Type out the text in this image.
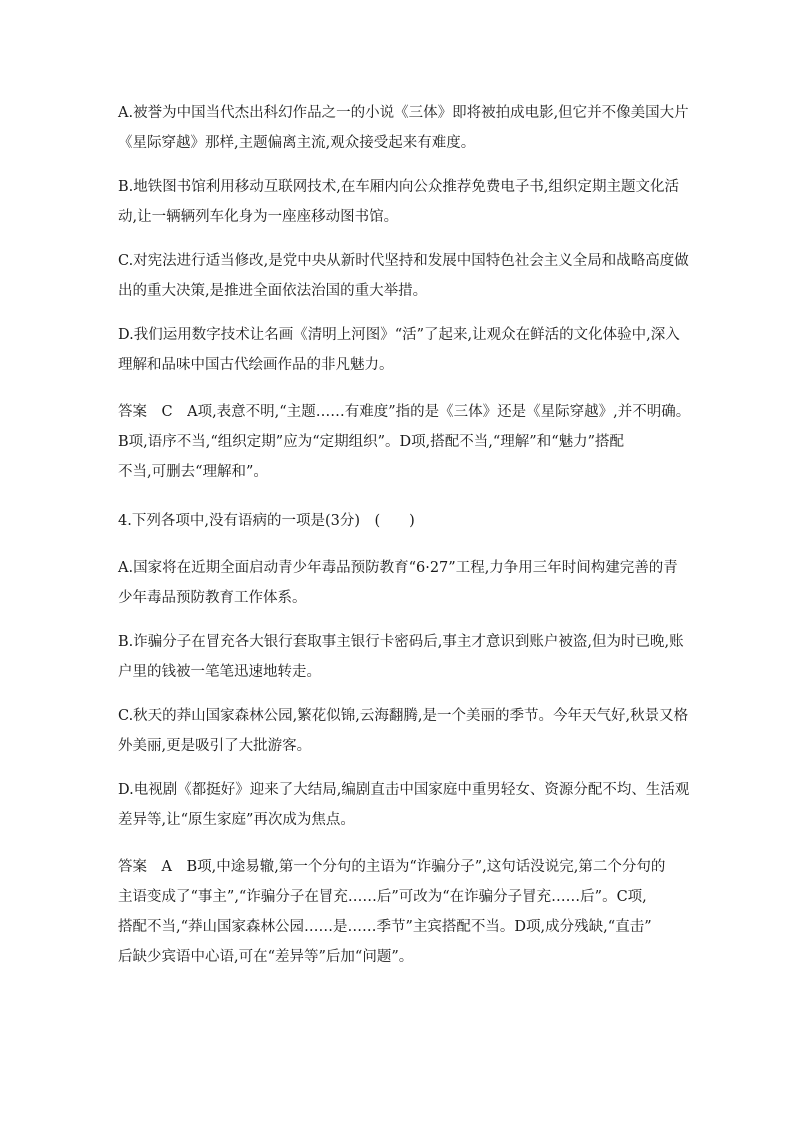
A.被誉为中国当代杰出科幻作品之一的小说《三体》即将被拍成电影,但它并不像美国大片
《星际穿越》那样,主题偏离主流,观众接受起来有难度。
B.地铁图书馆利用移动互联网技术,在车厢内向公众推荐免费电子书,组织定期主题文化活
动,让一辆辆列车化身为一座座移动图书馆。
C.对宪法进行适当修改,是党中央从新时代坚持和发展中国特色社会主义全局和战略高度做
出的重大决策,是推进全面依法治国的重大举措。
D.我们运用数字技术让名画《清明上河图》“活”了起来,让观众在鲜活的文化体验中,深入
理解和品味中国古代绘画作品的非凡魅力。
答案　C　A项,表意不明,“主题……有难度”指的是《三体》还是《星际穿越》,并不明确。
B项,语序不当,“组织定期”应为“定期组织”。D项,搭配不当,“理解”和“魅力”搭配
不当,可删去“理解和”。
4.下列各项中,没有语病的一项是(3分)　(　　)
A.国家将在近期全面启动青少年毒品预防教育“6·27”工程,力争用三年时间构建完善的青
少年毒品预防教育工作体系。
B.诈骗分子在冒充各大银行套取事主银行卡密码后,事主才意识到账户被盗,但为时已晚,账
户里的钱被一笔笔迅速地转走。
C.秋天的莽山国家森林公园,繁花似锦,云海翻腾,是一个美丽的季节。今年天气好,秋景又格
外美丽,更是吸引了大批游客。
D.电视剧《都挺好》迎来了大结局,编剧直击中国家庭中重男轻女、资源分配不均、生活观
差异等,让“原生家庭”再次成为焦点。
答案　A　B项,中途易辙,第一个分句的主语为“诈骗分子”,这句话没说完,第二个分句的
主语变成了“事主”,“诈骗分子在冒充……后”可改为“在诈骗分子冒充……后”。C项,
搭配不当,“莽山国家森林公园……是……季节”主宾搭配不当。D项,成分残缺,“直击”
后缺少宾语中心语,可在“差异等”后加“问题”。
